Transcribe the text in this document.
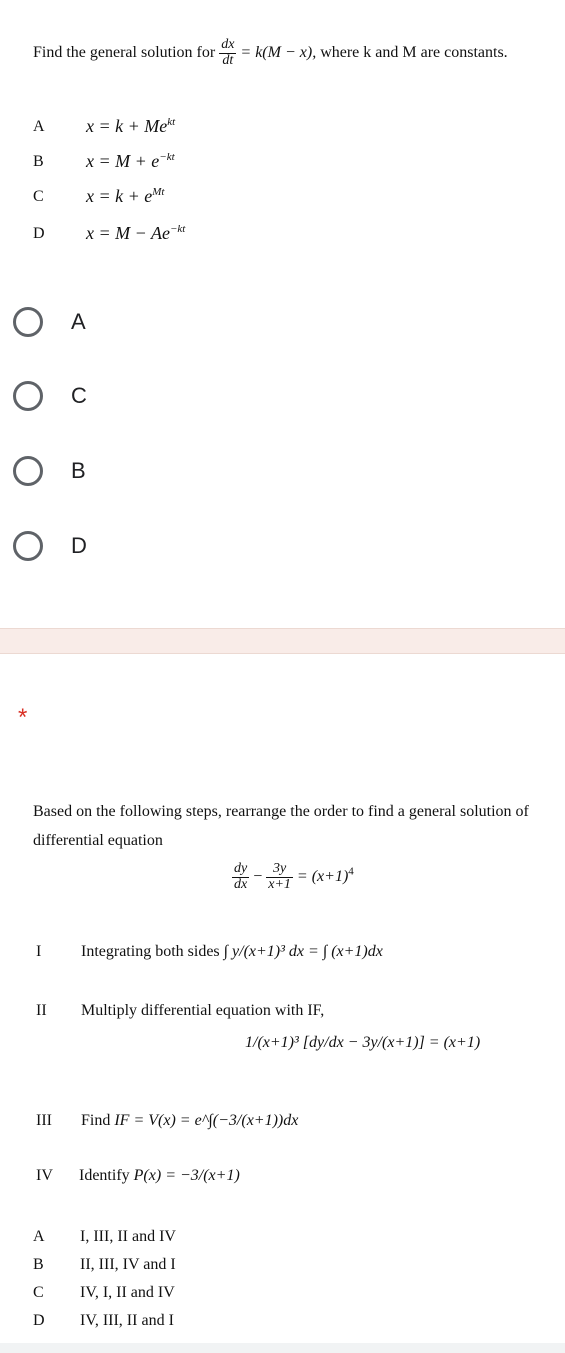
Find the general solution for $\frac{dx}{dt} = k(M - x)$, where k and M are constants.
A $x = k + Me^{kt}$
B $x = M + e^{-kt}$
C $x = k + e^{Mt}$
D $x = M - Ae^{-kt}$
A
C
B
D
*
Based on the following steps, rearrange the order to find a general solution of
differential equation
$\frac{dy}{dx} - \frac{3y}{x+1} = (x+1)^4$
I Integrating both sides ∫ y/(x+1)³ dx = ∫ (x+1)dx
II Multiply differential equation with IF,
1/(x+1)³ [dy/dx − 3y/(x+1)] = (x+1)
III Find IF = V(x) = e^∫(−3/(x+1))dx
IV Identify P(x) = −3/(x+1)
A I, III, II and IV
B II, III, IV and I
C IV, I, II and IV
D IV, III, II and I
